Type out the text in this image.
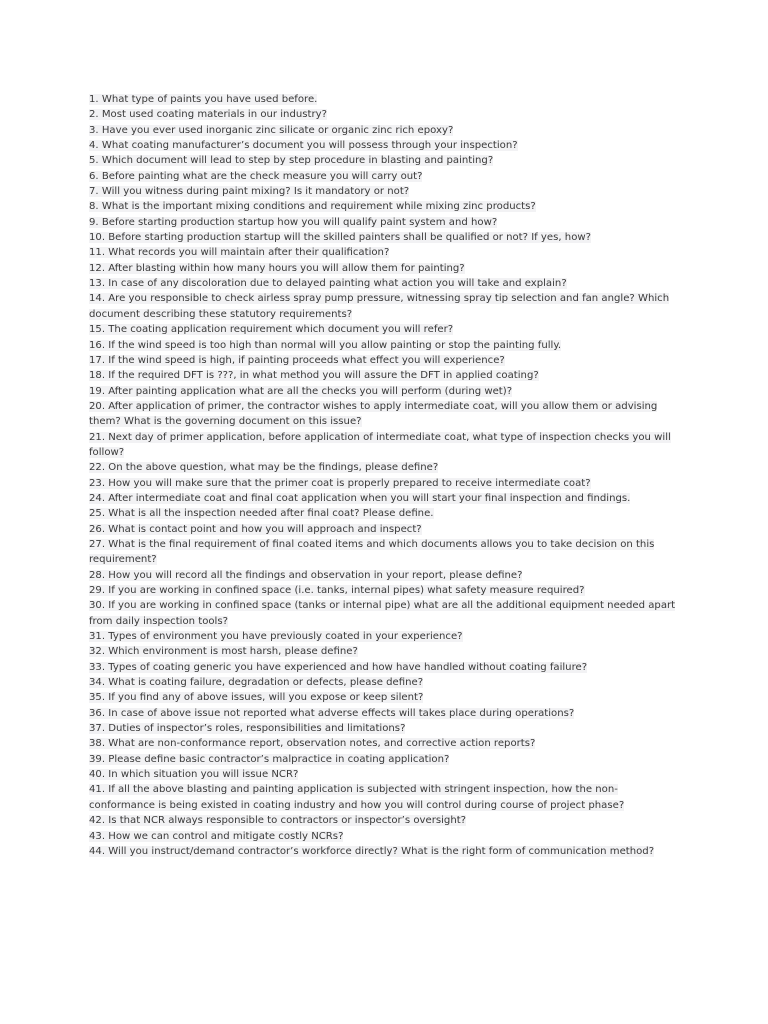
1. What type of paints you have used before.
2. Most used coating materials in our industry?
3. Have you ever used inorganic zinc silicate or organic zinc rich epoxy?
4. What coating manufacturer’s document you will possess through your inspection?
5. Which document will lead to step by step procedure in blasting and painting?
6. Before painting what are the check measure you will carry out?
7. Will you witness during paint mixing? Is it mandatory or not?
8. What is the important mixing conditions and requirement while mixing zinc products?
9. Before starting production startup how you will qualify paint system and how?
10. Before starting production startup will the skilled painters shall be qualified or not? If yes, how?
11. What records you will maintain after their qualification?
12. After blasting within how many hours you will allow them for painting?
13. In case of any discoloration due to delayed painting what action you will take and explain?
14. Are you responsible to check airless spray pump pressure, witnessing spray tip selection and fan angle? Which document describing these statutory requirements?
15. The coating application requirement which document you will refer?
16. If the wind speed is too high than normal will you allow painting or stop the painting fully.
17. If the wind speed is high, if painting proceeds what effect you will experience?
18. If the required DFT is ???, in what method you will assure the DFT in applied coating?
19. After painting application what are all the checks you will perform (during wet)?
20. After application of primer, the contractor wishes to apply intermediate coat, will you allow them or advising them? What is the governing document on this issue?
21. Next day of primer application, before application of intermediate coat, what type of inspection checks you will follow?
22. On the above question, what may be the findings, please define?
23. How you will make sure that the primer coat is properly prepared to receive intermediate coat?
24. After intermediate coat and final coat application when you will start your final inspection and findings.
25. What is all the inspection needed after final coat? Please define.
26. What is contact point and how you will approach and inspect?
27. What is the final requirement of final coated items and which documents allows you to take decision on this requirement?
28. How you will record all the findings and observation in your report, please define?
29. If you are working in confined space (i.e. tanks, internal pipes) what safety measure required?
30. If you are working in confined space (tanks or internal pipe) what are all the additional equipment needed apart from daily inspection tools?
31. Types of environment you have previously coated in your experience?
32. Which environment is most harsh, please define?
33. Types of coating generic you have experienced and how have handled without coating failure?
34. What is coating failure, degradation or defects, please define?
35. If you find any of above issues, will you expose or keep silent?
36. In case of above issue not reported what adverse effects will takes place during operations?
37. Duties of inspector’s roles, responsibilities and limitations?
38. What are non-conformance report, observation notes, and corrective action reports?
39. Please define basic contractor’s malpractice in coating application?
40. In which situation you will issue NCR?
41. If all the above blasting and painting application is subjected with stringent inspection, how the non-conformance is being existed in coating industry and how you will control during course of project phase?
42. Is that NCR always responsible to contractors or inspector’s oversight?
43. How we can control and mitigate costly NCRs?
44. Will you instruct/demand contractor’s workforce directly? What is the right form of communication method?
